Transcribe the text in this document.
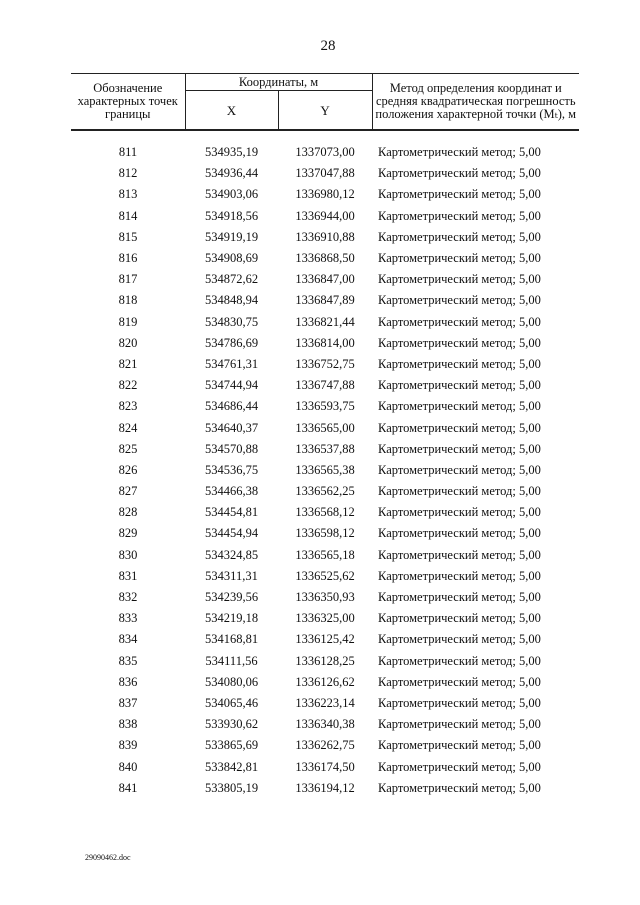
28
Обозначение характерных точек границы	Координаты, м		Метод определения координат и средняя квадратическая погрешность положения характерной точки (Мₜ), м
	X	Y	

811	534935,19	1337073,00	Картометрический метод; 5,00
812	534936,44	1337047,88	Картометрический метод; 5,00
813	534903,06	1336980,12	Картометрический метод; 5,00
814	534918,56	1336944,00	Картометрический метод; 5,00
815	534919,19	1336910,88	Картометрический метод; 5,00
816	534908,69	1336868,50	Картометрический метод; 5,00
817	534872,62	1336847,00	Картометрический метод; 5,00
818	534848,94	1336847,89	Картометрический метод; 5,00
819	534830,75	1336821,44	Картометрический метод; 5,00
820	534786,69	1336814,00	Картометрический метод; 5,00
821	534761,31	1336752,75	Картометрический метод; 5,00
822	534744,94	1336747,88	Картометрический метод; 5,00
823	534686,44	1336593,75	Картометрический метод; 5,00
824	534640,37	1336565,00	Картометрический метод; 5,00
825	534570,88	1336537,88	Картометрический метод; 5,00
826	534536,75	1336565,38	Картометрический метод; 5,00
827	534466,38	1336562,25	Картометрический метод; 5,00
828	534454,81	1336568,12	Картометрический метод; 5,00
829	534454,94	1336598,12	Картометрический метод; 5,00
830	534324,85	1336565,18	Картометрический метод; 5,00
831	534311,31	1336525,62	Картометрический метод; 5,00
832	534239,56	1336350,93	Картометрический метод; 5,00
833	534219,18	1336325,00	Картометрический метод; 5,00
834	534168,81	1336125,42	Картометрический метод; 5,00
835	534111,56	1336128,25	Картометрический метод; 5,00
836	534080,06	1336126,62	Картометрический метод; 5,00
837	534065,46	1336223,14	Картометрический метод; 5,00
838	533930,62	1336340,38	Картометрический метод; 5,00
839	533865,69	1336262,75	Картометрический метод; 5,00
840	533842,81	1336174,50	Картометрический метод; 5,00
841	533805,19	1336194,12	Картометрический метод; 5,00
29090462.doc
